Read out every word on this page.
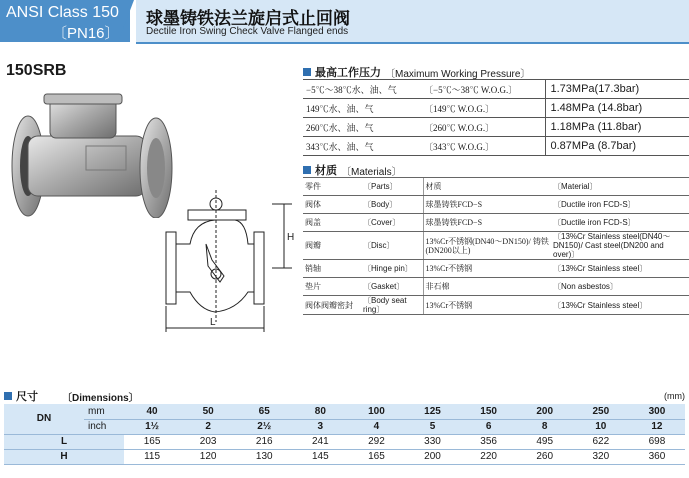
ANSI Class 150
〔PN16〕
球墨铸铁法兰旋启式止回阀
Dectile Iron Swing Check Valve Flanged ends
150SRB
H
L
最高工作压力 〔Maximum Working Pressure〕
−5℃～38℃水、油、气	〔−5℃～38℃ W.O.G.〕	1.73MPa(17.3bar)
149℃水、油、气	〔149℃ W.O.G.〕	1.48MPa (14.8bar)
260℃水、油、气	〔260℃ W.O.G.〕	1.18MPa (11.8bar)
343℃水、油、气	〔343℃ W.O.G.〕	0.87MPa (8.7bar)
材质 〔Materials〕
零件	〔Parts〕	材质	〔Material〕
阀体	〔Body〕	球墨铸铁FCD−S	〔Ductile iron FCD-S〕
阀盖	〔Cover〕	球墨铸铁FCD−S	〔Ductile iron FCD-S〕
阀瓣	〔Disc〕	13%Cr不锈钢(DN40～DN150)/ 铸铁 (DN200以上)	〔13%Cr Stainless steel(DN40～DN150)/ Cast steel(DN200 and over)〕
销轴	〔Hinge pin〕	13%Cr不锈钢	〔13%Cr Stainless steel〕
垫片	〔Gasket〕	非石棉	〔Non asbestos〕
阀体阀瓣密封	〔Body seat ring〕	13%Cr不锈钢	〔13%Cr Stainless steel〕
尺寸 〔Dimensions〕	(mm)
DN	mm	40	50	65	80	100	125	150	200	250	300
	inch	1½	2	2½	3	4	5	6	8	10	12
L		165	203	216	241	292	330	356	495	622	698
H		115	120	130	145	165	200	220	260	320	360
